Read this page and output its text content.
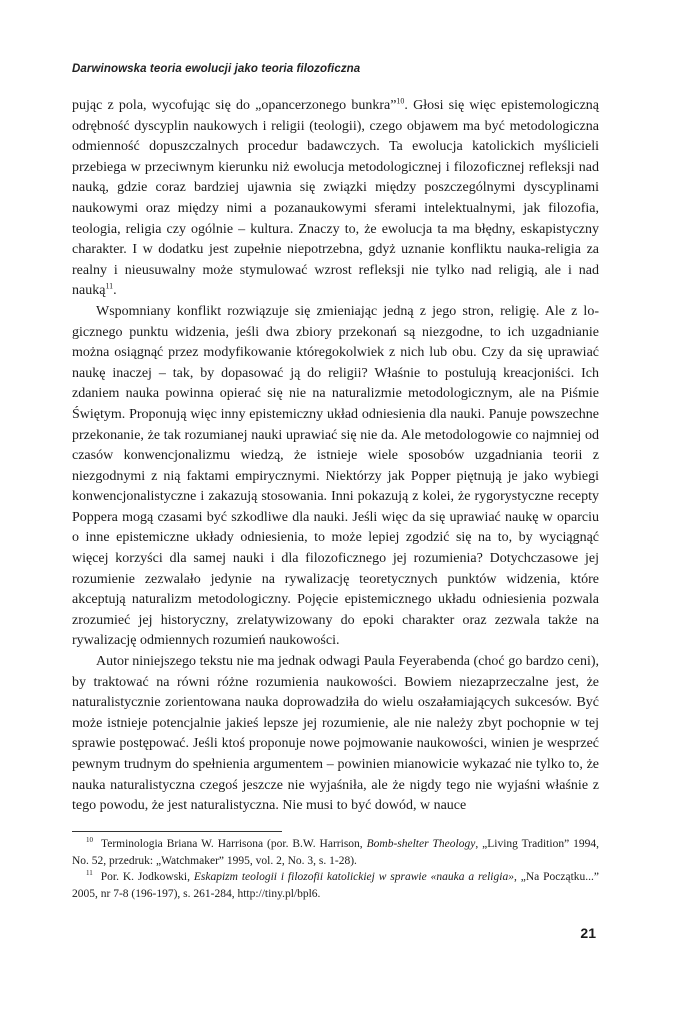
Darwinowska teoria ewolucji jako teoria filozoficzna

pując z pola, wycofując się do „opancerzonego bunkra”$^{10}$. Głosi się więc epistemologiczną odrębność dyscyplin naukowych i religii (teologii), czego objawem ma być metodologiczna odmienność dopuszczalnych procedur badawczych. Ta ewolucja katolickich myślicieli przebiega w przeciwnym kierunku niż ewolucja metodologicznej i filozoficznej refleksji nad nauką, gdzie coraz bardziej ujawnia się związki między poszczególnymi dyscyplinami naukowymi oraz między nimi a pozanaukowymi sferami intelektualnymi, jak filozofia, teologia, religia czy ogólnie – kultura. Znaczy to, że ewolucja ta ma błędny, eskapistyczny charakter. I w dodatku jest zupełnie niepotrzebna, gdyż uznanie konfliktu nauka-religia za realny i nieusuwalny może stymulować wzrost refleksji nie tylko nad religią, ale i nad nauką$^{11}$.

Wspomniany konflikt rozwiązuje się zmieniając jedną z jego stron, religię. Ale z logicznego punktu widzenia, jeśli dwa zbiory przekonań są niezgodne, to ich uzgadnianie można osiągnąć przez modyfikowanie któregokolwiek z nich lub obu. Czy da się uprawiać naukę inaczej – tak, by dopasować ją do religii? Właśnie to postulują kreacjoniści. Ich zdaniem nauka powinna opierać się nie na naturalizmie metodologicznym, ale na Piśmie Świętym. Proponują więc inny epistemiczny układ odniesienia dla nauki. Panuje powszechne przekonanie, że tak rozumianej nauki uprawiać się nie da. Ale metodologowie co najmniej od czasów konwencjonalizmu wiedzą, że istnieje wiele sposobów uzgadniania teorii z niezgodnymi z nią faktami empirycznymi. Niektórzy jak Popper piętnują je jako wybiegi konwencjonalistyczne i zakazują stosowania. Inni pokazują z kolei, że rygorystyczne recepty Poppera mogą czasami być szkodliwe dla nauki. Jeśli więc da się uprawiać naukę w oparciu o inne epistemiczne układy odniesienia, to może lepiej zgodzić się na to, by wyciągnąć więcej korzyści dla samej nauki i dla filozoficznego jej rozumienia? Dotychczasowe jej rozumienie zezwalało jedynie na rywalizację teoretycznych punktów widzenia, które akceptują naturalizm metodologiczny. Pojęcie epistemicznego układu odniesienia pozwala zrozumieć jej historyczny, zrelatywizowany do epoki charakter oraz zezwala także na rywalizację odmiennych rozumień naukowości.

Autor niniejszego tekstu nie ma jednak odwagi Paula Feyerabenda (choć go bardzo ceni), by traktować na równi różne rozumienia naukowości. Bowiem niezaprzeczalne jest, że naturalistycznie zorientowana nauka doprowadziła do wielu oszałamiających sukcesów. Być może istnieje potencjalnie jakieś lepsze jej rozumienie, ale nie należy zbyt pochopnie w tej sprawie postępować. Jeśli ktoś proponuje nowe pojmowanie naukowości, winien je wesprzeć pewnym trudnym do spełnienia argumentem – powinien mianowicie wykazać nie tylko to, że nauka naturalistyczna czegoś jeszcze nie wyjaśniła, ale że nigdy tego nie wyjaśni właśnie z tego powodu, że jest naturalistyczna. Nie musi to być dowód, w nauce

$^{10}$ Terminologia Briana W. Harrisona (por. B.W. Harrison, Bomb-shelter Theology, „Living Tradition” 1994, No. 52, przedruk: „Watchmaker” 1995, vol. 2, No. 3, s. 1-28).

$^{11}$ Por. K. Jodkowski, Eskapizm teologii i filozofii katolickiej w sprawie «nauka a religia», „Na Początku...” 2005, nr 7-8 (196-197), s. 261-284, http://tiny.pl/bpl6.

21
